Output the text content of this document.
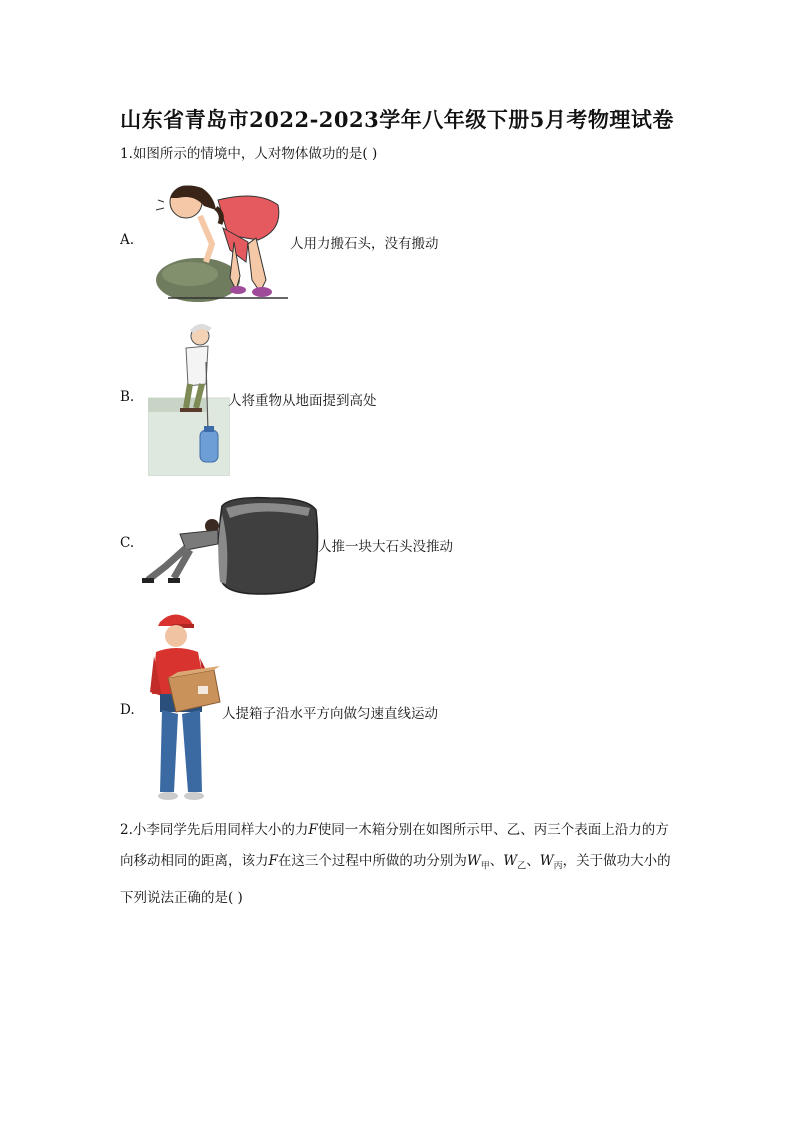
山东省青岛市2022-2023学年八年级下册5月考物理试卷
1.如图所示的情境中，人对物体做功的是( )
A.	人用力搬石头，没有搬动
B.	人将重物从地面提到高处
C.	人推一块大石头没推动
D.	人提箱子沿水平方向做匀速直线运动
2.小李同学先后用同样大小的力F使同一木箱分别在如图所示甲、乙、丙三个表面上沿力的方向移动相同的距离，该力F在这三个过程中所做的功分别为$W_甲$、$W_乙$、$W_丙$，关于做功大小的下列说法正确的是( )
